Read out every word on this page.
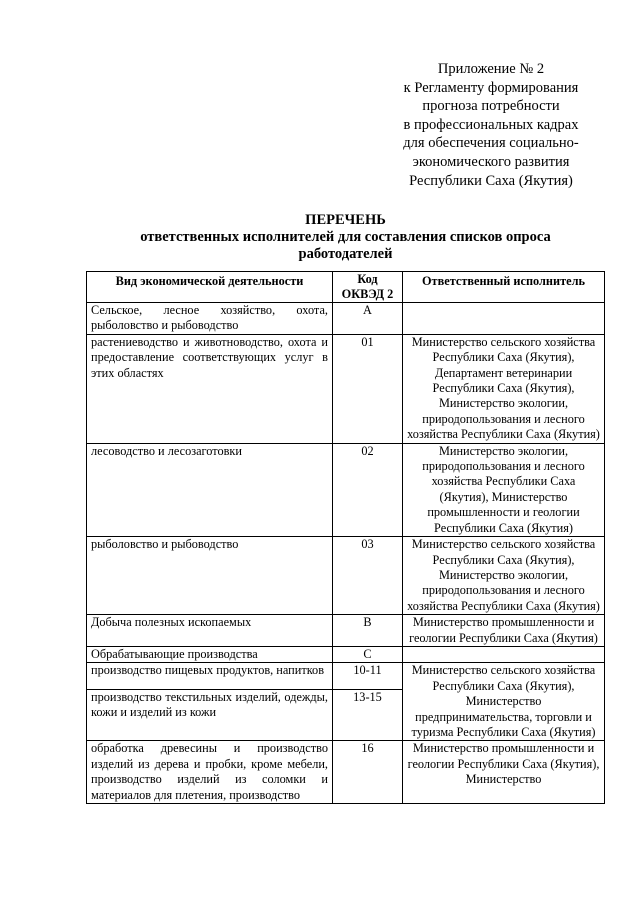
Приложение № 2
к Регламенту формирования
прогноза потребности
в профессиональных кадрах
для обеспечения социально-
экономического развития
Республики Саха (Якутия)
ПЕРЕЧЕНЬ
ответственных исполнителей для составления списков опроса
работодателей
Вид экономической деятельности	Код ОКВЭД 2	Ответственный исполнитель
Сельское, лесное хозяйство, охота, рыболовство и рыбоводство	A	
растениеводство и животноводство, охота и предоставление соответствующих услуг в этих областях	01	Министерство сельского хозяйства Республики Саха (Якутия), Департамент ветеринарии Республики Саха (Якутия), Министерство экологии, природопользования и лесного хозяйства Республики Саха (Якутия)
лесоводство и лесозаготовки	02	Министерство экологии, природопользования и лесного хозяйства Республики Саха (Якутия), Министерство промышленности и геологии Республики Саха (Якутия)
рыболовство и рыбоводство	03	Министерство сельского хозяйства Республики Саха (Якутия), Министерство экологии, природопользования и лесного хозяйства Республики Саха (Якутия)
Добыча полезных ископаемых	B	Министерство промышленности и геологии Республики Саха (Якутия)
Обрабатывающие производства	C	
производство пищевых продуктов, напитков	10-11	Министерство сельского хозяйства Республики Саха (Якутия), Министерство предпринимательства, торговли и туризма Республики Саха (Якутия)
производство текстильных изделий, одежды, кожи и изделий из кожи	13-15	
обработка древесины и производство изделий из дерева и пробки, кроме мебели, производство изделий из соломки и материалов для плетения, производство	16	Министерство промышленности и геологии Республики Саха (Якутия), Министерство
